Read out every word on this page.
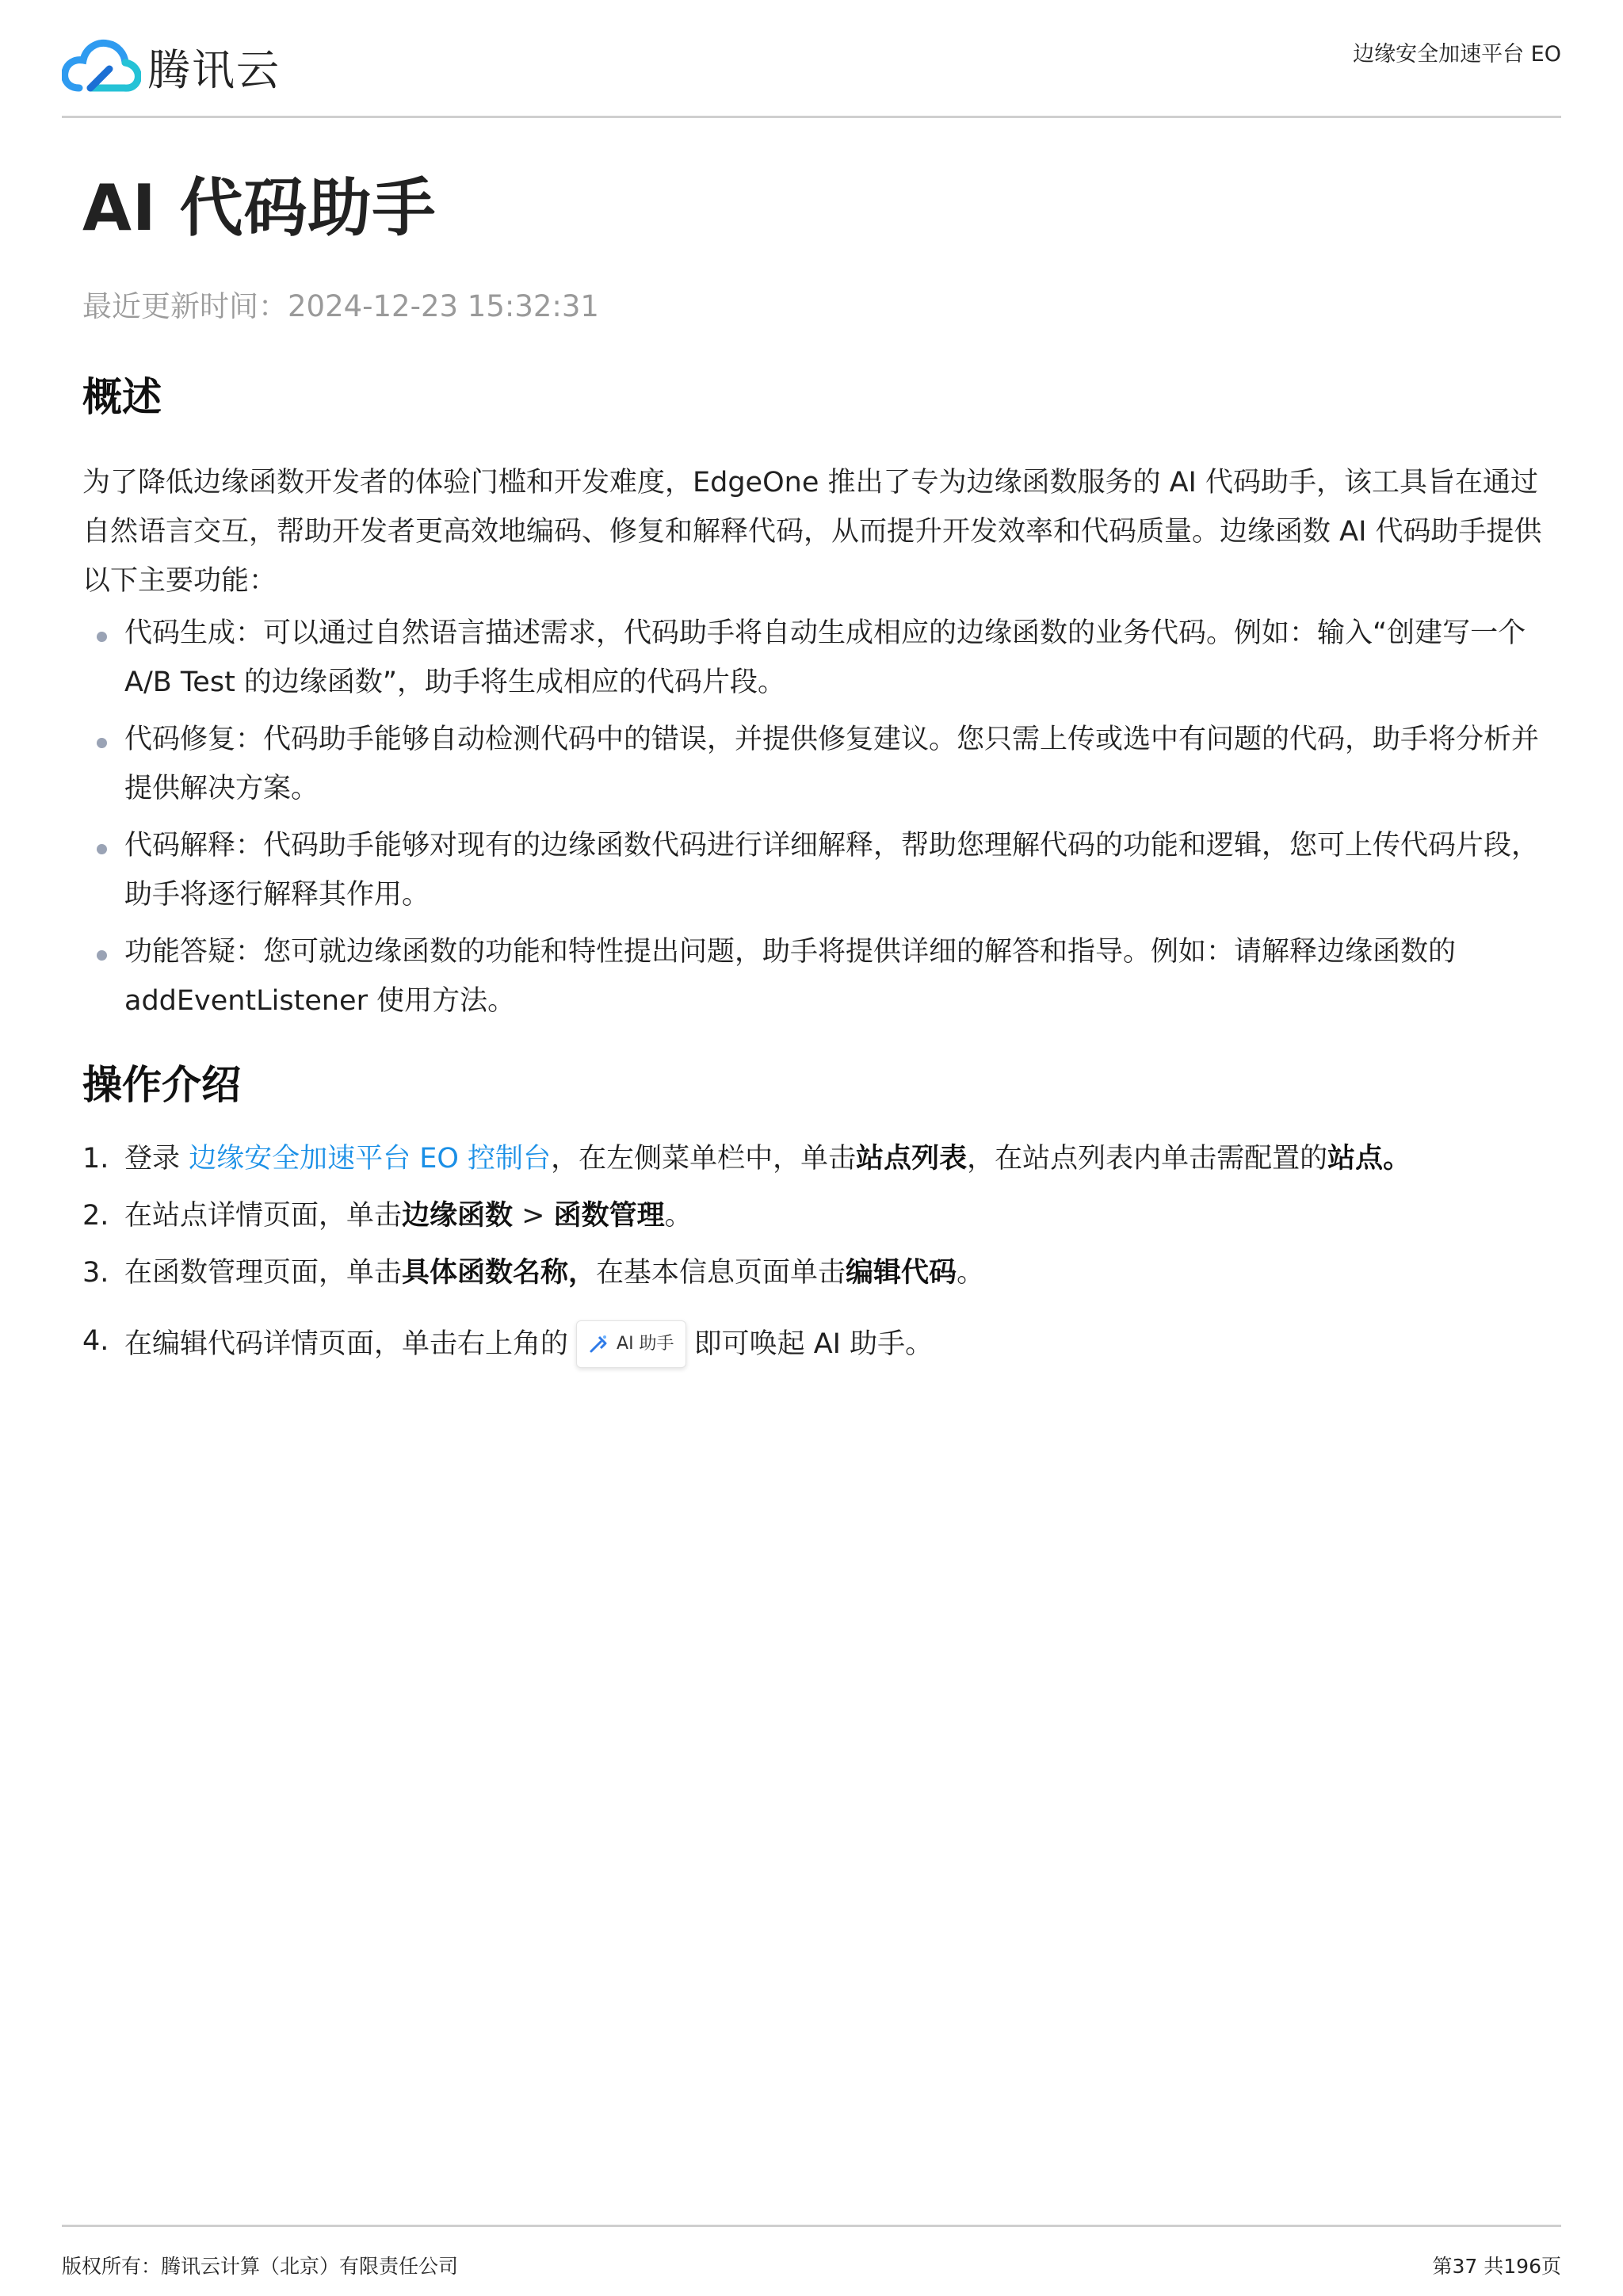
腾讯云	边缘安全加速平台 EO
AI 代码助手
最近更新时间：2024-12-23 15:32:31
概述
为了降低边缘函数开发者的体验门槛和开发难度，EdgeOne 推出了专为边缘函数服务的 AI 代码助手，该工具旨在通过自然语言交互，帮助开发者更高效地编码、修复和解释代码，从而提升开发效率和代码质量。边缘函数 AI 代码助手提供以下主要功能：
代码生成：可以通过自然语言描述需求，代码助手将自动生成相应的边缘函数的业务代码。例如：输入“创建写一个 A/B Test 的边缘函数”，助手将生成相应的代码片段。
代码修复：代码助手能够自动检测代码中的错误，并提供修复建议。您只需上传或选中有问题的代码，助手将分析并提供解决方案。
代码解释：代码助手能够对现有的边缘函数代码进行详细解释，帮助您理解代码的功能和逻辑，您可上传代码片段，助手将逐行解释其作用。
功能答疑：您可就边缘函数的功能和特性提出问题，助手将提供详细的解答和指导。例如：请解释边缘函数的 addEventListener 使用方法。
操作介绍
1. 登录 边缘安全加速平台 EO 控制台，在左侧菜单栏中，单击站点列表，在站点列表内单击需配置的站点。
2. 在站点详情页面，单击边缘函数 > 函数管理。
3. 在函数管理页面，单击具体函数名称，在基本信息页面单击编辑代码。
4. 在编辑代码详情页面，单击右上角的	AI 助手 即可唤起 AI 助手。
版权所有：腾讯云计算（北京）有限责任公司	第37 共196页
